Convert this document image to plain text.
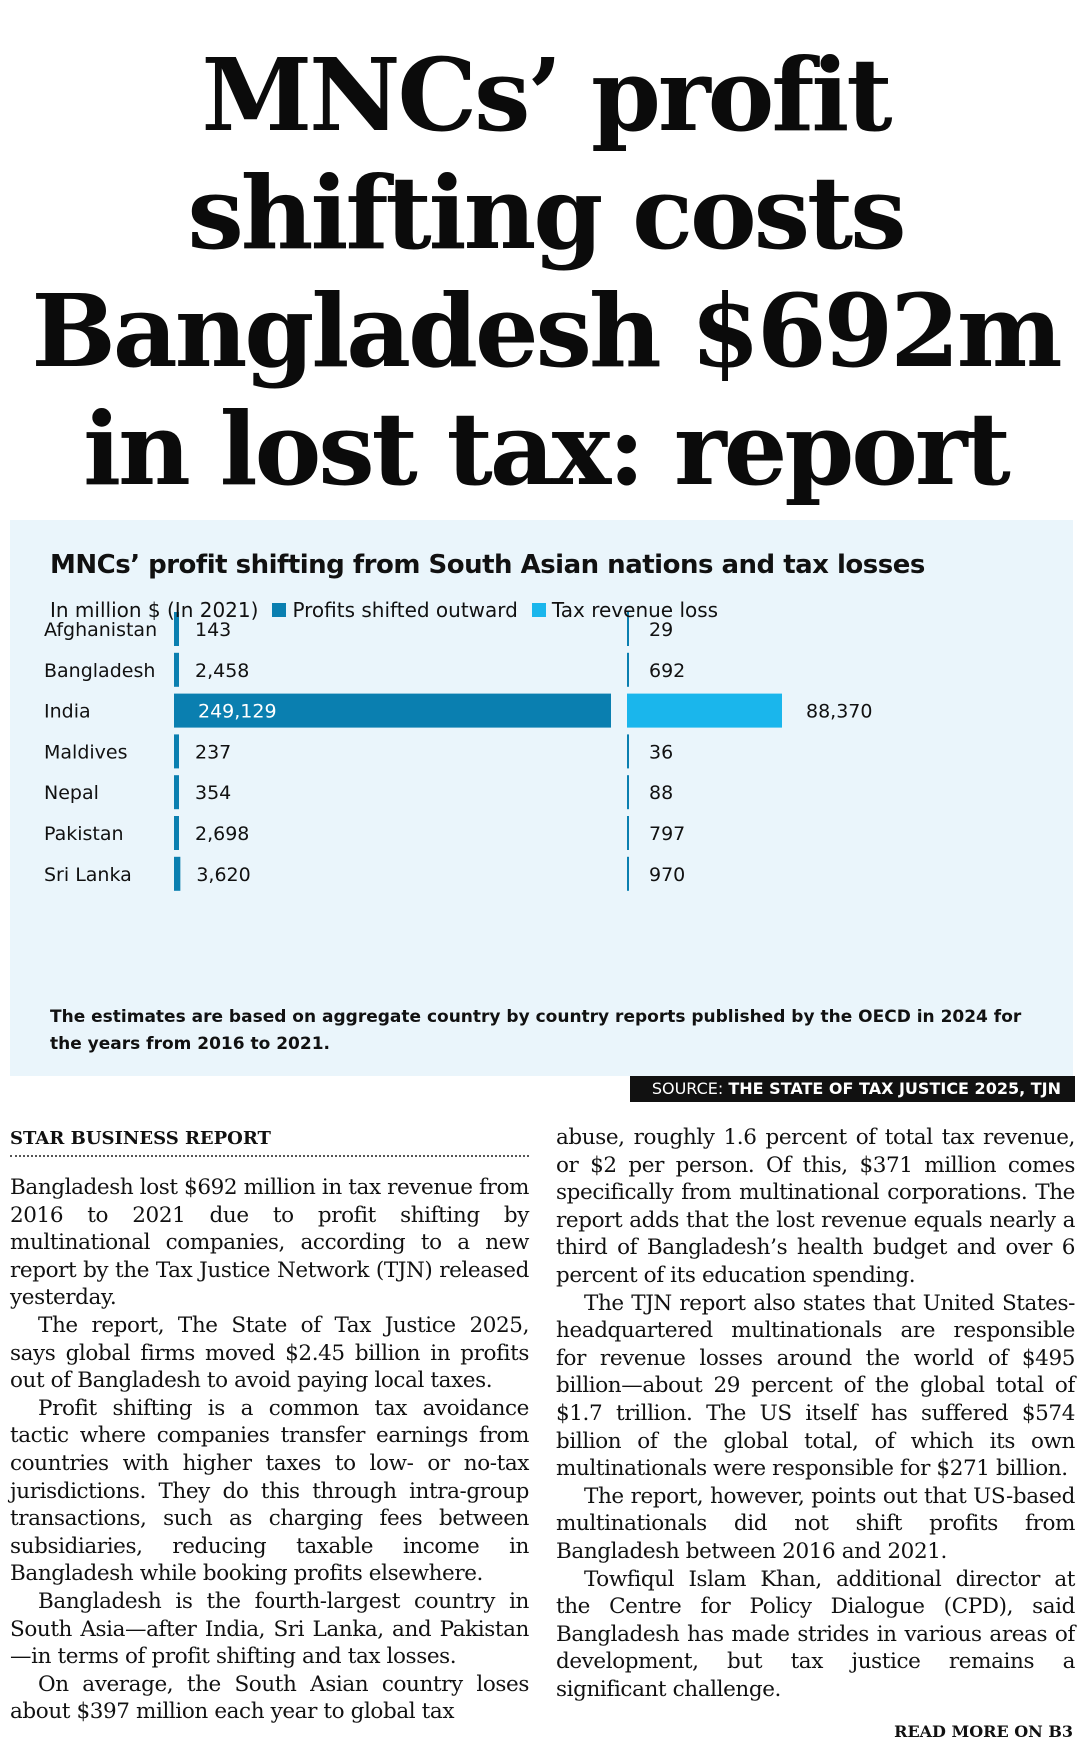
MNCs’ profit
shifting costs
Bangladesh $692m
in lost tax: report
Afghanistan 143	29
Bangladesh 2,458	692
India	249,129	88,370
Maldives	237	36
Nepal	354	88
Pakistan	2,698	797
Sri Lanka	3,620	970
MNCs’ profit shifting from South Asian nations and tax losses
In million $ (In 2021) Profits shifted outward Tax revenue loss
The estimates are based on aggregate country by country reports published by the OECD in 2024 for the years from 2016 to 2021.
SOURCE: THE STATE OF TAX JUSTICE 2025, TJN
STAR BUSINESS REPORT

Bangladesh lost $692 million in tax revenue from 2016 to 2021 due to profit shifting by multinational companies, according to a new report by the Tax Justice Network (TJN) released yesterday.

The report, The State of Tax Justice 2025, says global firms moved $2.45 billion in profits out of Bangladesh to avoid paying local taxes.

Profit shifting is a common tax avoidance tactic where companies transfer earnings from countries with higher taxes to low- or no-tax jurisdictions. They do this through intra-group transactions, such as charging fees between subsidiaries, reducing taxable income in Bangladesh while booking profits elsewhere.

Bangladesh is the fourth-largest country in South Asia—after India, Sri Lanka, and Pakistan—in terms of profit shifting and tax losses.

On average, the South Asian country loses about $397 million each year to global tax

abuse, roughly 1.6 percent of total tax revenue, or $2 per person. Of this, $371 million comes specifically from multinational corporations. The report adds that the lost revenue equals nearly a third of Bangladesh’s health budget and over 6 percent of its education spending.

The TJN report also states that United States-headquartered multinationals are responsible for revenue losses around the world of $495 billion—about 29 percent of the global total of $1.7 trillion. The US itself has suffered $574 billion of the global total, of which its own multinationals were responsible for $271 billion.

The report, however, points out that US-based multinationals did not shift profits from Bangladesh between 2016 and 2021.

Towfiqul Islam Khan, additional director at the Centre for Policy Dialogue (CPD), said Bangladesh has made strides in various areas of development, but tax justice remains a significant challenge.

READ MORE ON B3
